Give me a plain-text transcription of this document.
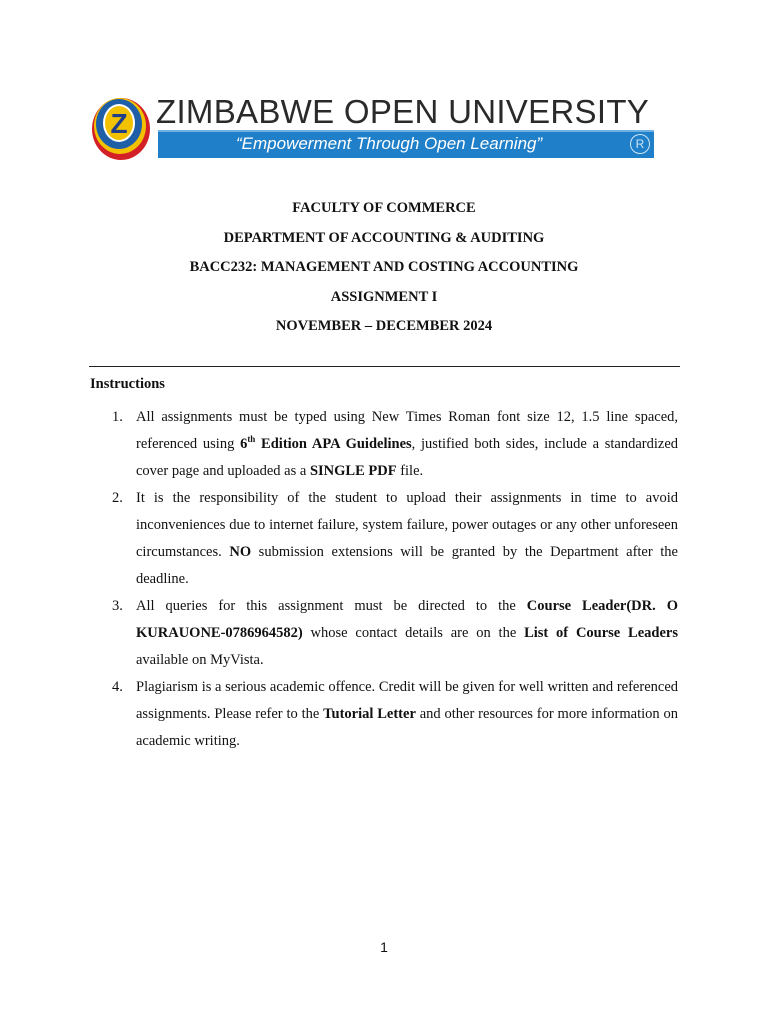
Z ZIMBABWE OPEN UNIVERSITY
“Empowerment Through Open Learning”	R
FACULTY OF COMMERCE
DEPARTMENT OF ACCOUNTING & AUDITING
BACC232: MANAGEMENT AND COSTING ACCOUNTING
ASSIGNMENT I
NOVEMBER – DECEMBER 2024
Instructions
1. All assignments must be typed using New Times Roman font size 12, 1.5 line spaced, referenced using 6th Edition APA Guidelines, justified both sides, include a standardized cover page and uploaded as a SINGLE PDF file.
2. It is the responsibility of the student to upload their assignments in time to avoid inconveniences due to internet failure, system failure, power outages or any other unforeseen circumstances. NO submission extensions will be granted by the Department after the deadline.
3. All queries for this assignment must be directed to the Course Leader(DR. O KURAUONE-0786964582) whose contact details are on the List of Course Leaders available on MyVista.
4. Plagiarism is a serious academic offence. Credit will be given for well written and referenced assignments. Please refer to the Tutorial Letter and other resources for more information on academic writing.
1
